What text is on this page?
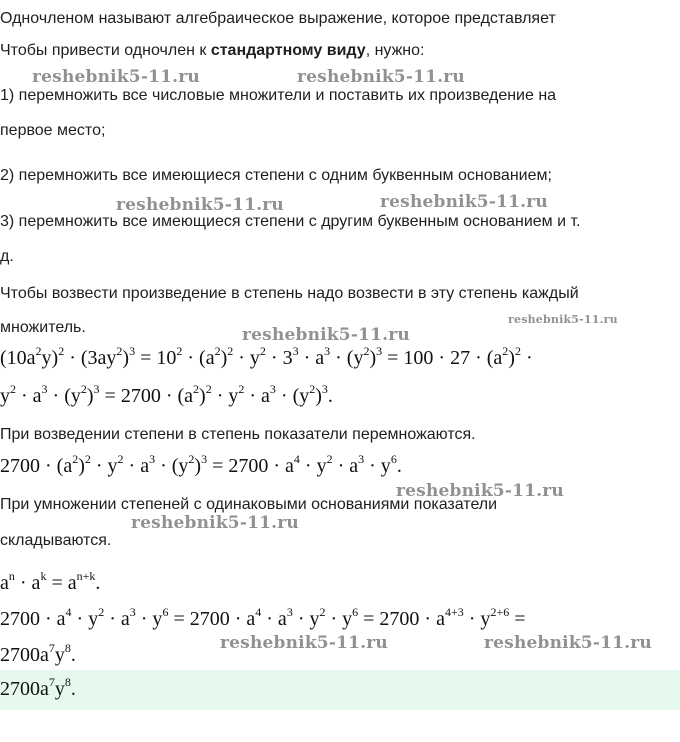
Одночленом называют алгебраическое выражение, которое представляет
Чтобы привести одночлен к стандартному виду, нужно:
1) перемножить все числовые множители и поставить их произведение на
первое место;
2) перемножить все имеющиеся степени с одним буквенным основанием;
3) перемножить все имеющиеся степени с другим буквенным основанием и т.
д.
Чтобы возвести произведение в степень надо возвести в эту степень каждый
множитель.
$(10a^2y)^2 \cdot (3ay^2)^3 = 10^2 \cdot (a^2)^2 \cdot y^2 \cdot 3^3 \cdot a^3 \cdot (y^2)^3 = 100 \cdot 27 \cdot (a^2)^2$ ·
$y^2 \cdot a^3 \cdot (y^2)^3 = 2700 \cdot (a^2)^2 \cdot y^2 \cdot a^3 \cdot (y^2)^3$.
При возведении степени в степень показатели перемножаются.
$2700 \cdot (a^2)^2 \cdot y^2 \cdot a^3 \cdot (y^2)^3 = 2700 \cdot a^4 \cdot y^2 \cdot a^3 \cdot y^6$.
При умножении степеней с одинаковыми основаниями показатели
складываются.
$a^n \cdot a^k = a^{n+k}$.
$2700 \cdot a^4 \cdot y^2 \cdot a^3 \cdot y^6 = 2700 \cdot a^4 \cdot a^3 \cdot y^2 \cdot y^6 = 2700 \cdot a^{4+3} \cdot y^{2+6}$ =
$2700a^7y^8$.
$2700a^7y^8$.
reshebnik5-11.ru	reshebnik5-11.ru
reshebnik5-11.ru	reshebnik5-11.ru
reshebnik5-11.ru
reshebnik5-11.ru
reshebnik5-11.ru
reshebnik5-11.ru
reshebnik5-11.ru	reshebnik5-11.ru
